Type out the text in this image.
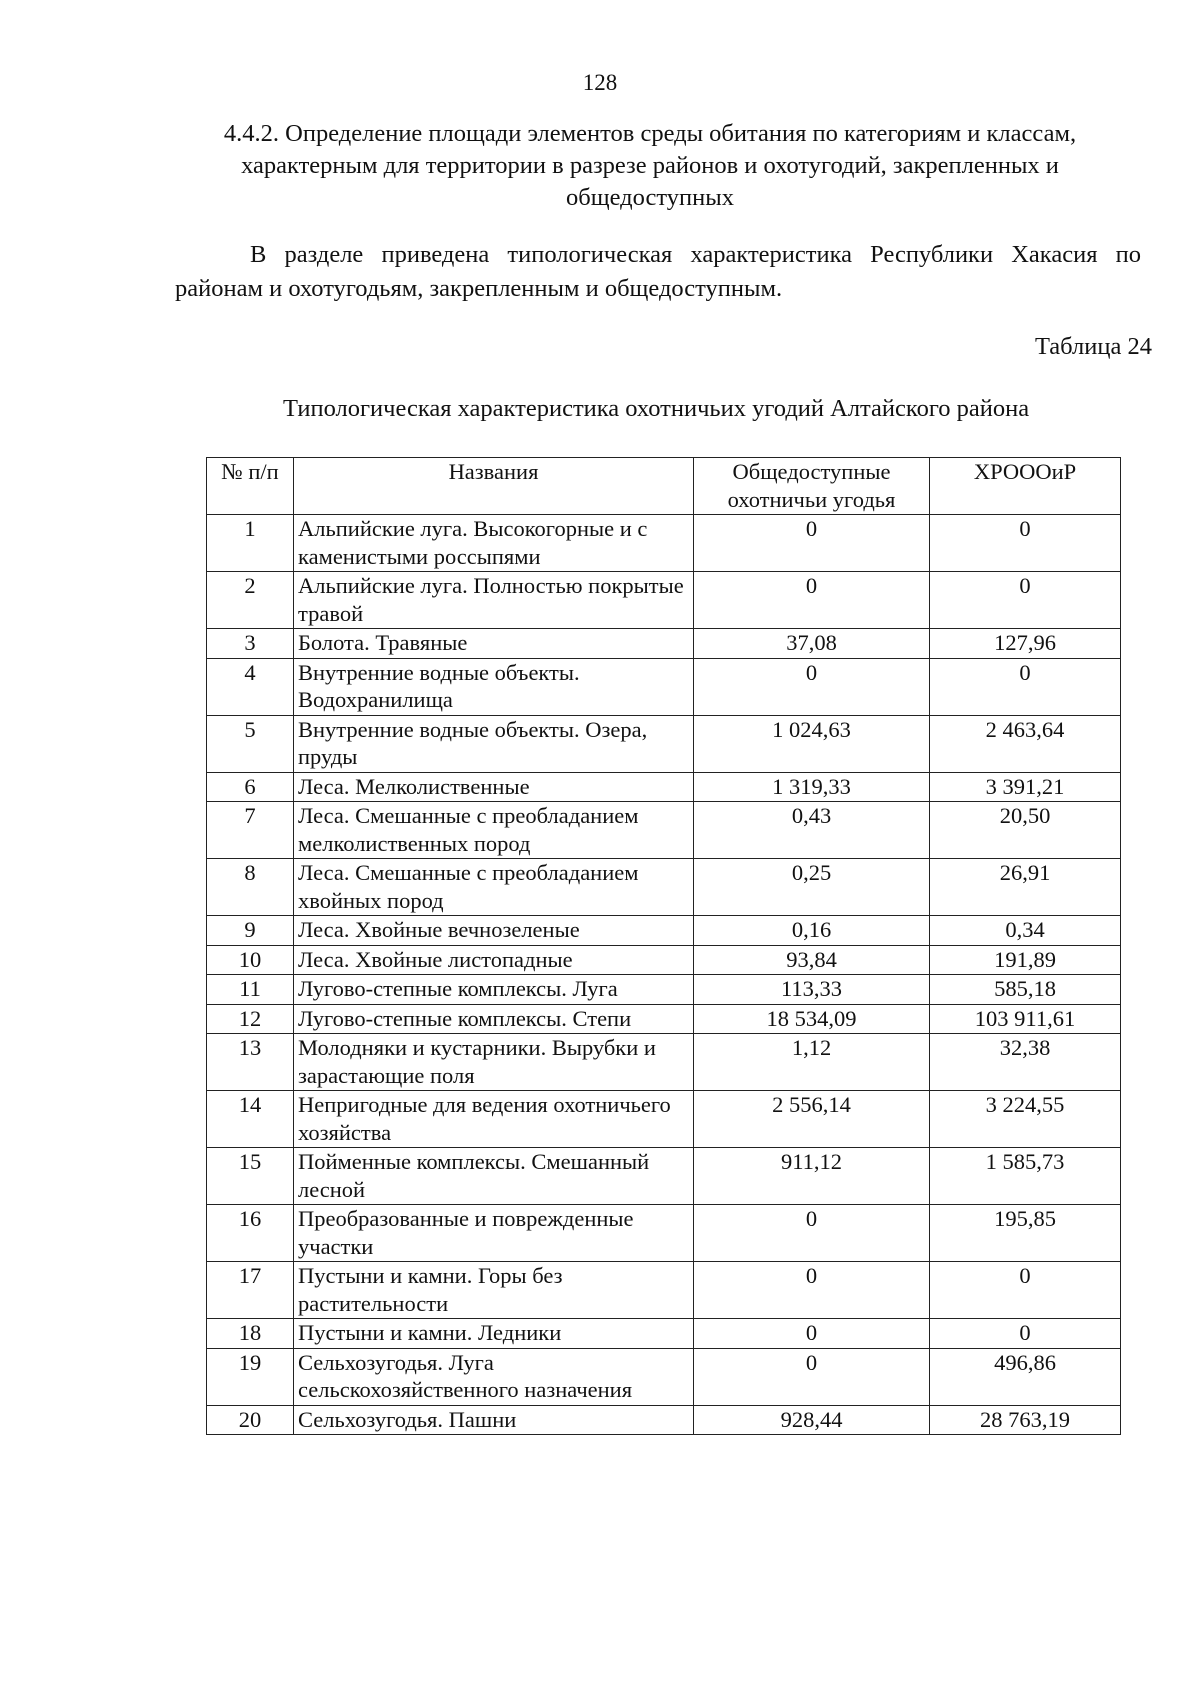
128
4.4.2. Определение площади элементов среды обитания по категориям и классам, характерным для территории в разрезе районов и охотугодий, закрепленных и общедоступных
В разделе приведена типологическая характеристика Республики Хакасия по районам и охотугодьям, закрепленным и общедоступным.
Таблица 24
Типологическая характеристика охотничьих угодий Алтайского района
№ п/п	Названия	Общедоступные охотничьи угодья	ХРОООиР
1	Альпийские луга. Высокогорные и с каменистыми россыпями	0	0
2	Альпийские луга. Полностью покрытые травой	0	0
3	Болота. Травяные	37,08	127,96
4	Внутренние водные объекты. Водохранилища	0	0
5	Внутренние водные объекты. Озера, пруды	1 024,63	2 463,64
6	Леса. Мелколиственные	1 319,33	3 391,21
7	Леса. Смешанные с преобладанием мелколиственных пород	0,43	20,50
8	Леса. Смешанные с преобладанием хвойных пород	0,25	26,91
9	Леса. Хвойные вечнозеленые	0,16	0,34
10	Леса. Хвойные листопадные	93,84	191,89
11	Лугово-степные комплексы. Луга	113,33	585,18
12	Лугово-степные комплексы. Степи	18 534,09	103 911,61
13	Молодняки и кустарники. Вырубки и зарастающие поля	1,12	32,38
14	Непригодные для ведения охотничьего хозяйства	2 556,14	3 224,55
15	Пойменные комплексы. Смешанный лесной	911,12	1 585,73
16	Преобразованные и поврежденные участки	0	195,85
17	Пустыни и камни. Горы без растительности	0	0
18	Пустыни и камни. Ледники	0	0
19	Сельхозугодья. Луга сельскохозяйственного назначения	0	496,86
20	Сельхозугодья. Пашни	928,44	28 763,19
